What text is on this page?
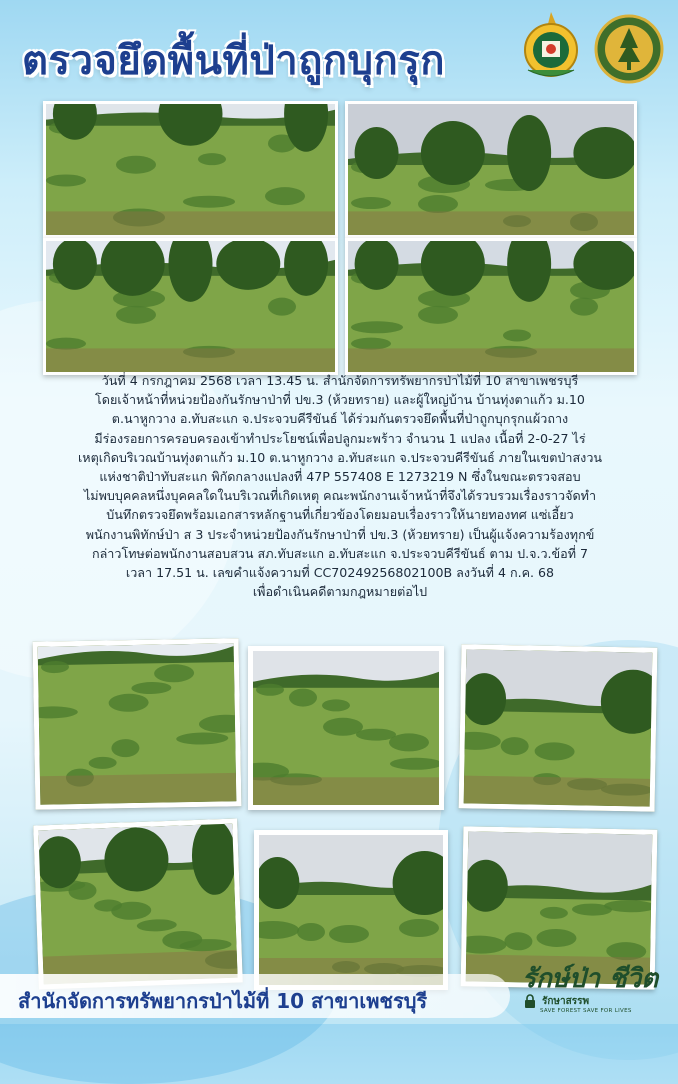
ตรวจยึดพื้นที่ป่าถูกบุกรุก
วันที่ 4 กรกฎาคม 2568 เวลา 13.45 น. สำนักจัดการทรัพยากรป่าไม้ที่ 10 สาขาเพชรบุรี
โดยเจ้าหน้าที่หน่วยป้องกันรักษาป่าที่ ปข.3 (ห้วยทราย) และผู้ใหญ่บ้าน บ้านทุ่งตาแก้ว ม.10
ต.นาหูกวาง อ.ทับสะแก จ.ประจวบคีรีขันธ์ ได้ร่วมกันตรวจยึดพื้นที่ป่าถูกบุกรุกแผ้วถาง
มีร่องรอยการครอบครองเข้าทำประโยชน์เพื่อปลูกมะพร้าว จำนวน 1 แปลง เนื้อที่ 2-0-27 ไร่
เหตุเกิดบริเวณบ้านทุ่งตาแก้ว ม.10 ต.นาหูกวาง อ.ทับสะแก จ.ประจวบคีรีขันธ์ ภายในเขตป่าสงวน
แห่งชาติป่าทับสะแก พิกัดกลางแปลงที่ 47P 557408 E 1273219 N ซึ่งในขณะตรวจสอบ
ไม่พบบุคคลหนึ่งบุคคลใดในบริเวณที่เกิดเหตุ คณะพนักงานเจ้าหน้าที่จึงได้รวบรวมเรื่องราวจัดทำ
บันทึกตรวจยึดพร้อมเอกสารหลักฐานที่เกี่ยวข้องโดยมอบเรื่องราวให้นายทองทศ แซ่เอี้ยว
พนักงานพิทักษ์ป่า ส 3 ประจำหน่วยป้องกันรักษาป่าที่ ปข.3 (ห้วยทราย) เป็นผู้แจ้งความร้องทุกข์
กล่าวโทษต่อพนักงานสอบสวน สภ.ทับสะแก อ.ทับสะแก จ.ประจวบคีรีขันธ์ ตาม ป.จ.ว.ข้อที่ 7
เวลา 17.51 น. เลขคำแจ้งความที่ CC70249256802100B ลงวันที่ 4 ก.ค. 68
เพื่อดำเนินคดีตามกฎหมายต่อไป
สำนักจัดการทรัพยากรป่าไม้ที่ 10 สาขาเพชรบุรี
รักษ์ป่า ชีวิต
รักษาสรรพ
SAVE FOREST SAVE FOR LIVES
